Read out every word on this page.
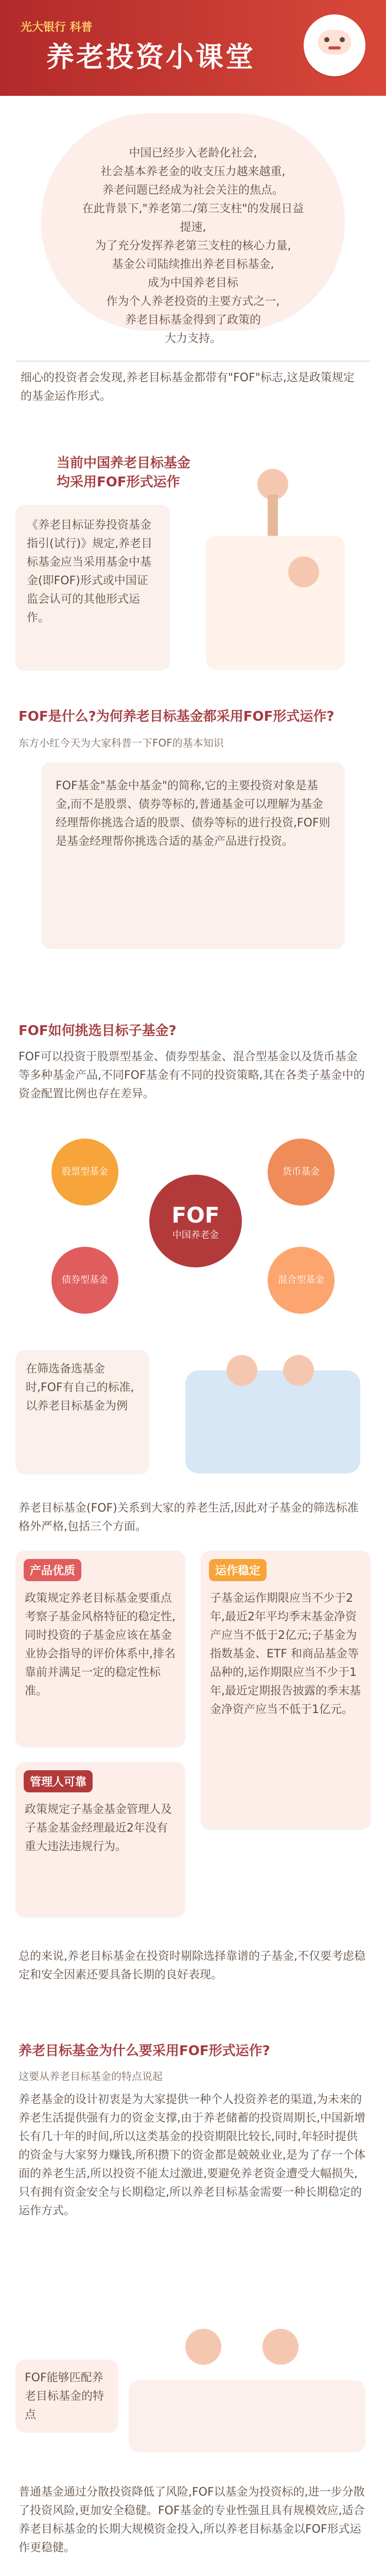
光大银行 科普
养老投资小课堂
中国已经步入老龄化社会,
社会基本养老金的收支压力越来越重,
养老问题已经成为社会关注的焦点。
在此背景下,"养老第二/第三支柱"的发展日益提速,
为了充分发挥养老第三支柱的核心力量,
基金公司陆续推出养老目标基金,
成为中国养老目标
作为个人养老投资的主要方式之一,
养老目标基金得到了政策的
大力支持。
细心的投资者会发现,养老目标基金都带有"FOF"标志,这是政策规定的基金运作形式。
当前中国养老目标基金
均采用FOF形式运作
《养老目标证券投资基金指引(试行)》规定,养老目标基金应当采用基金中基金(即FOF)形式或中国证监会认可的其他形式运作。
FOF是什么?为何养老目标基金都采用FOF形式运作?
东方小红今天为大家科普一下FOF的基本知识
FOF基金"基金中基金"的简称,它的主要投资对象是基金,而不是股票、债券等标的,普通基金可以理解为基金经理帮你挑选合适的股票、债券等标的进行投资,FOF则是基金经理帮你挑选合适的基金产品进行投资。
FOF如何挑选目标子基金?
FOF可以投资于股票型基金、债券型基金、混合型基金以及货币基金等多种基金产品,不同FOF基金有不同的投资策略,其在各类子基金中的资金配置比例也存在差异。
FOF
中国养老金
股票型基金	货币基金
债券型基金	混合型基金
在筛选备选基金时,FOF有自己的标准,以养老目标基金为例
养老目标基金(FOF)关系到大家的养老生活,因此对子基金的筛选标准格外严格,包括三个方面。
产品优质
政策规定养老目标基金要重点考察子基金风格特征的稳定性,同时投资的子基金应该在基金业协会指导的评价体系中,排名靠前并满足一定的稳定性标准。
运作稳定
子基金运作期限应当不少于2年,最近2年平均季末基金净资产应当不低于2亿元;子基金为指数基金、ETF 和商品基金等品种的,运作期限应当不少于1年,最近定期报告披露的季末基金净资产应当不低于1亿元。
管理人可靠
政策规定子基金基金管理人及子基金基金经理最近2年没有重大违法违规行为。
总的来说,养老目标基金在投资时剔除选择靠谱的子基金,不仅要考虑稳定和安全因素还要具备长期的良好表现。
养老目标基金为什么要采用FOF形式运作?
这要从养老目标基金的特点说起
养老基金的设计初衷是为大家提供一种个人投资养老的渠道,为未来的养老生活提供强有力的资金支撑,由于养老储蓄的投资周期长,中国新增长有几十年的时间,所以这类基金的投资期限比较长,同时,年轻时提供的资金与大家努力赚钱,所积攒下的资金都是兢兢业业,是为了存一个体面的养老生活,所以投资不能太过激进,要避免养老资金遭受大幅损失,只有拥有资金安全与长期稳定,所以养老目标基金需要一种长期稳定的运作方式。
FOF能够匹配养老目标基金的特点
普通基金通过分散投资降低了风险,FOF以基金为投资标的,进一步分散了投资风险,更加安全稳健。FOF基金的专业性强且具有规模效应,适合养老目标基金的长期大规模资金投入,所以养老目标基金以FOF形式运作更稳健。
